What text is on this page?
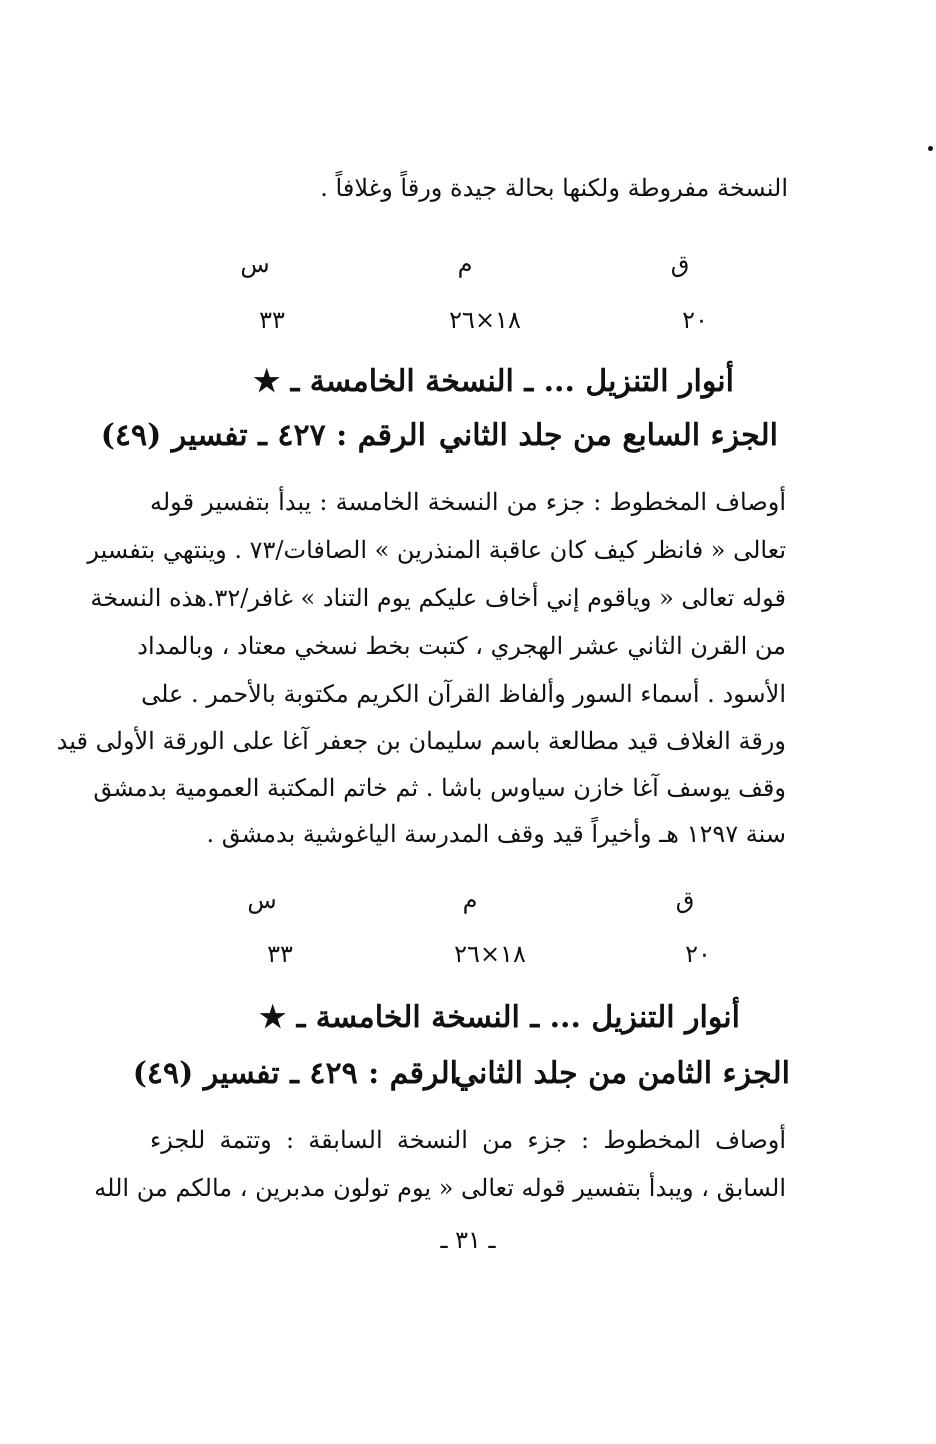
النسخة مفروطة ولكنها بحالة جيدة ورقاً وغلافاً .
ق
م
س
٢٠
١٨×٢٦
٣٣
أنوار التنزيل ... ـ النسخة الخامسة ـ ★
الجزء السابع من جلد الثاني
الرقم : ٤٢٧ ـ تفسير (٤٩)
أوصاف المخطوط : جزء من النسخة الخامسة : يبدأ بتفسير قوله
تعالى « فانظر كيف كان عاقبة المنذرين » الصافات/٧٣ . وينتهي بتفسير
قوله تعالى « وياقوم إني أخاف عليكم يوم التناد » غافر/٣٢.هذه النسخة
من القرن الثاني عشر الهجري ، كتبت بخط نسخي معتاد ، وبالمداد
الأسود . أسماء السور وألفاظ القرآن الكريم مكتوبة بالأحمر . على
ورقة الغلاف قيد مطالعة باسم سليمان بن جعفر آغا على الورقة الأولى قيد
وقف يوسف آغا خازن سياوس باشا . ثم خاتم المكتبة العمومية بدمشق
سنة ١٢٩٧ هـ وأخيراً قيد وقف المدرسة الياغوشية بدمشق .
ق
م
س
٢٠
١٨×٢٦
٣٣
أنوار التنزيل ... ـ النسخة الخامسة ـ ★
الجزء الثامن من جلد الثاني
الرقم : ٤٢٩ ـ تفسير (٤٩)
أوصاف المخطوط : جزء من النسخة السابقة : وتتمة للجزء
السابق ، ويبدأ بتفسير قوله تعالى « يوم تولون مدبرين ، مالكم من الله
ـ ٣١ ـ
